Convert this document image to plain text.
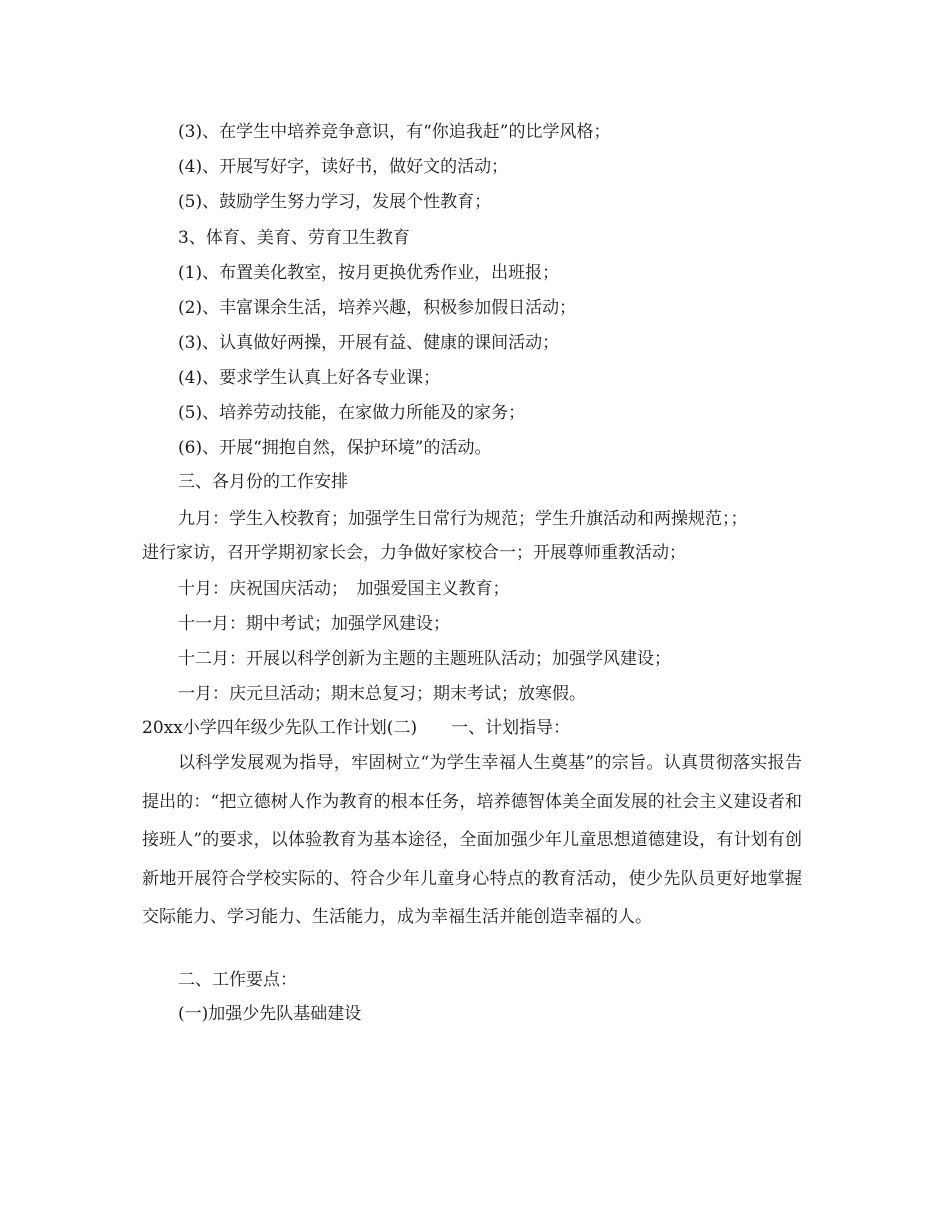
(3)、在学生中培养竞争意识，有“你追我赶”的比学风格；
(4)、开展写好字，读好书，做好文的活动；
(5)、鼓励学生努力学习，发展个性教育；
3、体育、美育、劳育卫生教育
(1)、布置美化教室，按月更换优秀作业，出班报；
(2)、丰富课余生活，培养兴趣，积极参加假日活动；
(3)、认真做好两操，开展有益、健康的课间活动；
(4)、要求学生认真上好各专业课；
(5)、培养劳动技能，在家做力所能及的家务；
(6)、开展“拥抱自然，保护环境”的活动。
三、各月份的工作安排
九月：学生入校教育；加强学生日常行为规范；学生升旗活动和两操规范；；
进行家访，召开学期初家长会，力争做好家校合一；开展尊师重教活动；
十月：庆祝国庆活动；　加强爱国主义教育；
十一月：期中考试；加强学风建设；
十二月：开展以科学创新为主题的主题班队活动；加强学风建设；
一月：庆元旦活动；期末总复习；期末考试；放寒假。
20xx小学四年级少先队工作计划(二)　　一、计划指导：
以科学发展观为指导，牢固树立“为学生幸福人生奠基”的宗旨。认真贯彻落实报告提出的：“把立德树人作为教育的根本任务，培养德智体美全面发展的社会主义建设者和接班人”的要求，以体验教育为基本途径，全面加强少年儿童思想道德建设，有计划有创新地开展符合学校实际的、符合少年儿童身心特点的教育活动，使少先队员更好地掌握交际能力、学习能力、生活能力，成为幸福生活并能创造幸福的人。
二、工作要点：
(一)加强少先队基础建设
